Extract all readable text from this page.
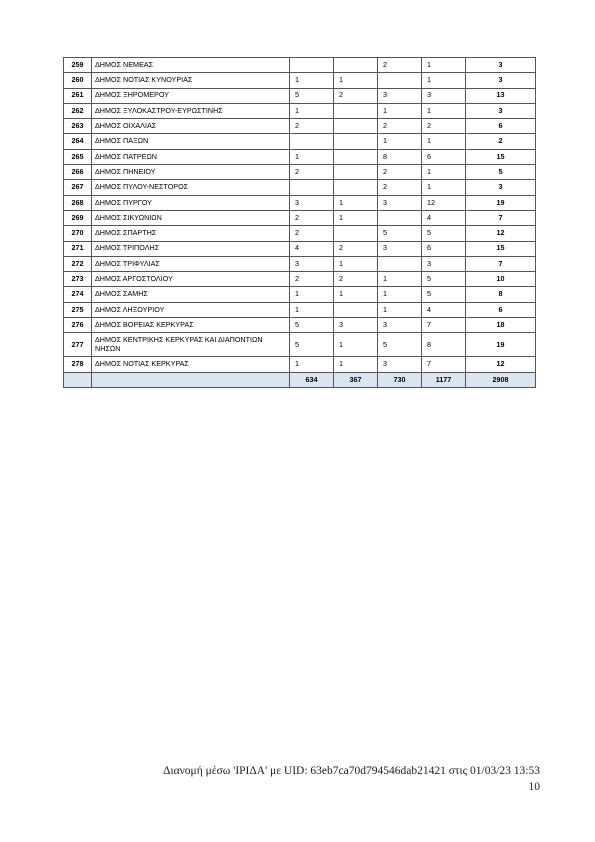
259	ΔΗΜΟΣ ΝΕΜΕΑΣ			2	1	3
260	ΔΗΜΟΣ ΝΟΤΙΑΣ ΚΥΝΟΥΡΙΑΣ	1	1		1	3
261	ΔΗΜΟΣ ΞΗΡΟΜΕΡΟΥ	5	2	3	3	13
262	ΔΗΜΟΣ ΞΥΛΟΚΑΣΤΡΟΥ-ΕΥΡΩΣΤΙΝΗΣ	1		1	1	3
263	ΔΗΜΟΣ ΟΙΧΑΛΙΑΣ	2		2	2	6
264	ΔΗΜΟΣ ΠΑΞΩΝ			1	1	2
265	ΔΗΜΟΣ ΠΑΤΡΕΩΝ	1		8	6	15
266	ΔΗΜΟΣ ΠΗΝΕΙΟΥ	2		2	1	5
267	ΔΗΜΟΣ ΠΥΛΟΥ-ΝΕΣΤΟΡΟΣ			2	1	3
268	ΔΗΜΟΣ ΠΥΡΓΟΥ	3	1	3	12	19
269	ΔΗΜΟΣ ΣΙΚΥΩΝΙΩΝ	2	1		4	7
270	ΔΗΜΟΣ ΣΠΑΡΤΗΣ	2		5	5	12
271	ΔΗΜΟΣ ΤΡΙΠΟΛΗΣ	4	2	3	6	15
272	ΔΗΜΟΣ ΤΡΙΦΥΛΙΑΣ	3	1		3	7
273	ΔΗΜΟΣ ΑΡΓΟΣΤΟΛΙΟΥ	2	2	1	5	10
274	ΔΗΜΟΣ ΣΑΜΗΣ	1	1	1	5	8
275	ΔΗΜΟΣ ΛΗΞΟΥΡΙΟΥ	1		1	4	6
276	ΔΗΜΟΣ ΒΟΡΕΙΑΣ ΚΕΡΚΥΡΑΣ	5	3	3	7	18
277	ΔΗΜΟΣ ΚΕΝΤΡΙΚΗΣ ΚΕΡΚΥΡΑΣ ΚΑΙ ΔΙΑΠΟΝΤΙΩΝ ΝΗΣΩΝ	5	1	5	8	19
278	ΔΗΜΟΣ ΝΟΤΙΑΣ ΚΕΡΚΥΡΑΣ	1	1	3	7	12
		634	367	730	1177	2908
Διανομή μέσω 'ΙΡΙΔΑ' με UID: 63eb7ca70d794546dab21421 στις 01/03/23 13:53
10
